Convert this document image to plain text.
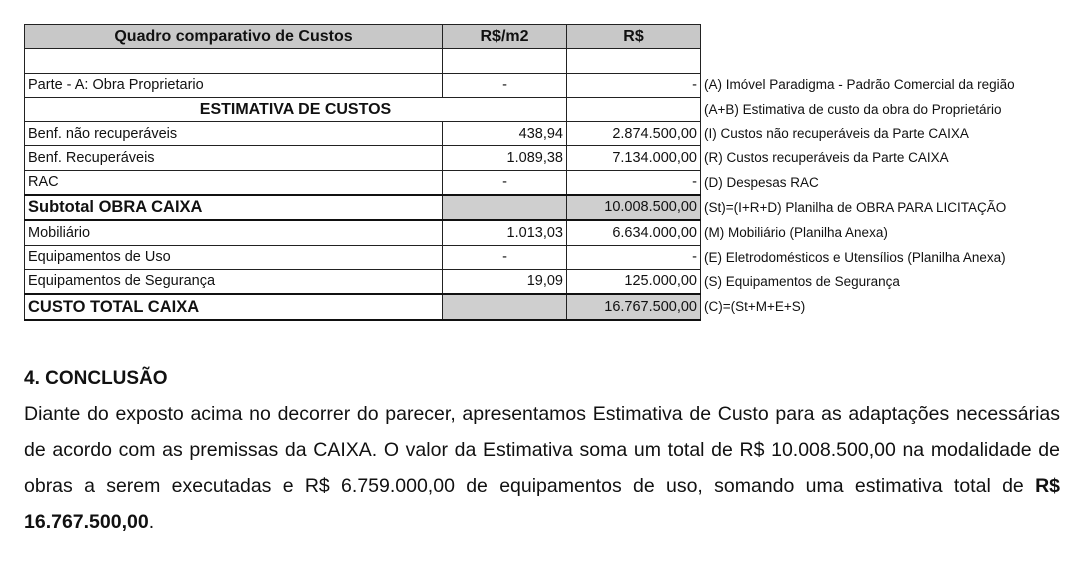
Quadro comparativo de Custos	R$/m2	R$	

Parte - A: Obra Proprietario	-	-	(A) Imóvel Paradigma - Padrão Comercial da região
ESTIMATIVA DE CUSTOS			(A+B) Estimativa de custo da obra do Proprietário
Benf. não recuperáveis	438,94	2.874.500,00	(I) Custos não recuperáveis da Parte CAIXA
Benf. Recuperáveis	1.089,38	7.134.000,00	(R) Custos recuperáveis da Parte CAIXA
RAC	-	-	(D) Despesas RAC
Subtotal OBRA CAIXA		10.008.500,00	(St)=(I+R+D) Planilha de OBRA PARA LICITAÇÃO
Mobiliário	1.013,03	6.634.000,00	(M) Mobiliário (Planilha Anexa)
Equipamentos de Uso	-	-	(E) Eletrodomésticos e Utensílios (Planilha Anexa)
Equipamentos de Segurança	19,09	125.000,00	(S) Equipamentos de Segurança
CUSTO TOTAL CAIXA		16.767.500,00	(C)=(St+M+E+S)

4. CONCLUSÃO

Diante do exposto acima no decorrer do parecer, apresentamos Estimativa de Custo para as adaptações necessárias de acordo com as premissas da CAIXA. O valor da Estimativa soma um total de R$ 10.008.500,00 na modalidade de obras a serem executadas e R$ 6.759.000,00 de equipamentos de uso, somando uma estimativa total de R$ 16.767.500,00.
